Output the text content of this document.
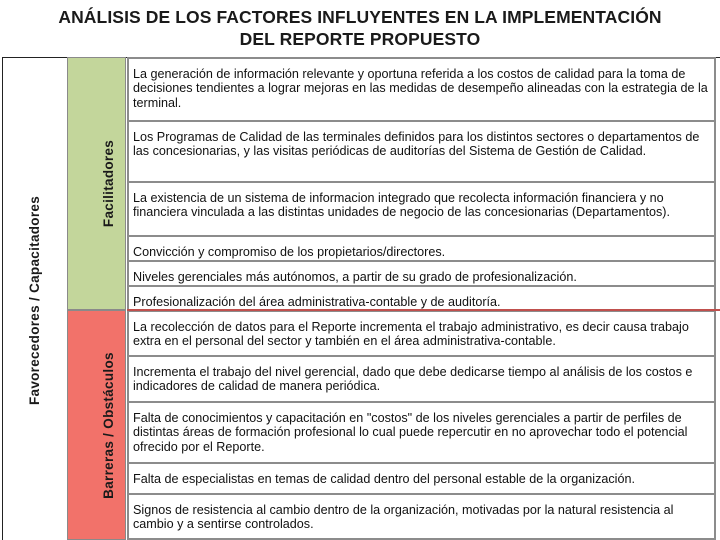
ANÁLISIS DE LOS FACTORES INFLUYENTES EN LA IMPLEMENTACIÓN
DEL REPORTE PROPUESTO
Favorecedores / Capacitadores
Facilitadores
Barreras / Obstáculos

La generación de información relevante y oportuna referida a los costos de calidad para la toma de decisiones tendientes a lograr mejoras en las medidas de desempeño alineadas con la estrategia de la terminal.

Los Programas de Calidad de las terminales definidos para los distintos sectores o departamentos de las concesionarias, y las visitas periódicas de auditorías del Sistema de Gestión de Calidad.

La existencia de un sistema de informacion integrado que recolecta información financiera y no financiera vinculada a las distintas unidades de negocio de las concesionarias (Departamentos).

Convicción y compromiso de los propietarios/directores.

Niveles gerenciales más autónomos, a partir de su grado de profesionalización.

Profesionalización del área administrativa-contable y de auditoría.

La recolección de datos para el Reporte incrementa el trabajo administrativo, es decir causa trabajo extra en el personal del sector y también en el área administrativa-contable.

Incrementa el trabajo del nivel gerencial, dado que debe dedicarse tiempo al análisis de los costos e indicadores de calidad de manera periódica.

Falta de conocimientos y capacitación en "costos" de los niveles gerenciales a partir de perfiles de distintas áreas de formación profesional lo cual puede repercutir en no aprovechar todo el potencial ofrecido por el Reporte.

Falta de especialistas en temas de calidad dentro del personal estable de la organización.

Signos de resistencia al cambio dentro de la organización, motivadas por la natural resistencia al cambio y a sentirse controlados.
